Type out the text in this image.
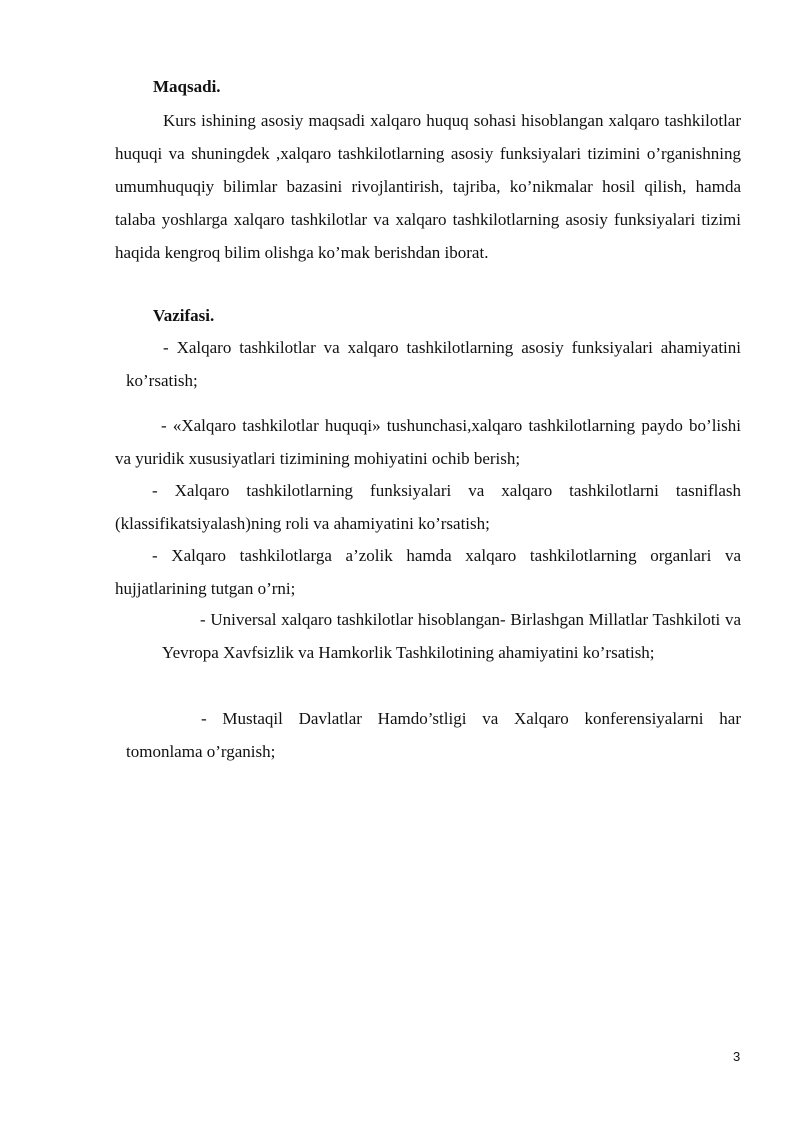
Maqsadi.

Kurs ishining asosiy maqsadi xalqaro huquq sohasi hisoblangan xalqaro tashkilotlar huquqi va shuningdek ,xalqaro tashkilotlarning asosiy funksiyalari tizimini o’rganishning umumhuquqiy bilimlar bazasini rivojlantirish, tajriba, ko’nikmalar hosil qilish, hamda talaba yoshlarga xalqaro tashkilotlar va xalqaro tashkilotlarning asosiy funksiyalari tizimi haqida kengroq bilim olishga ko’mak berishdan iborat.

Vazifasi.

- Xalqaro tashkilotlar va xalqaro tashkilotlarning asosiy funksiyalari ahamiyatini ko’rsatish;

- «Xalqaro tashkilotlar huquqi» tushunchasi,xalqaro tashkilotlarning paydo bo’lishi va yuridik xususiyatlari tizimining mohiyatini ochib berish;

- Xalqaro tashkilotlarning funksiyalari va xalqaro tashkilotlarni tasniflash (klassifikatsiyalash)ning roli va ahamiyatini ko’rsatish;

- Xalqaro tashkilotlarga a’zolik hamda xalqaro tashkilotlarning organlari va hujjatlarining tutgan o’rni;

- Universal xalqaro tashkilotlar hisoblangan- Birlashgan Millatlar Tashkiloti va Yevropa Xavfsizlik va Hamkorlik Tashkilotining ahamiyatini ko’rsatish;

- Mustaqil Davlatlar Hamdo’stligi va Xalqaro konferensiyalarni har tomonlama o’rganish;

3
